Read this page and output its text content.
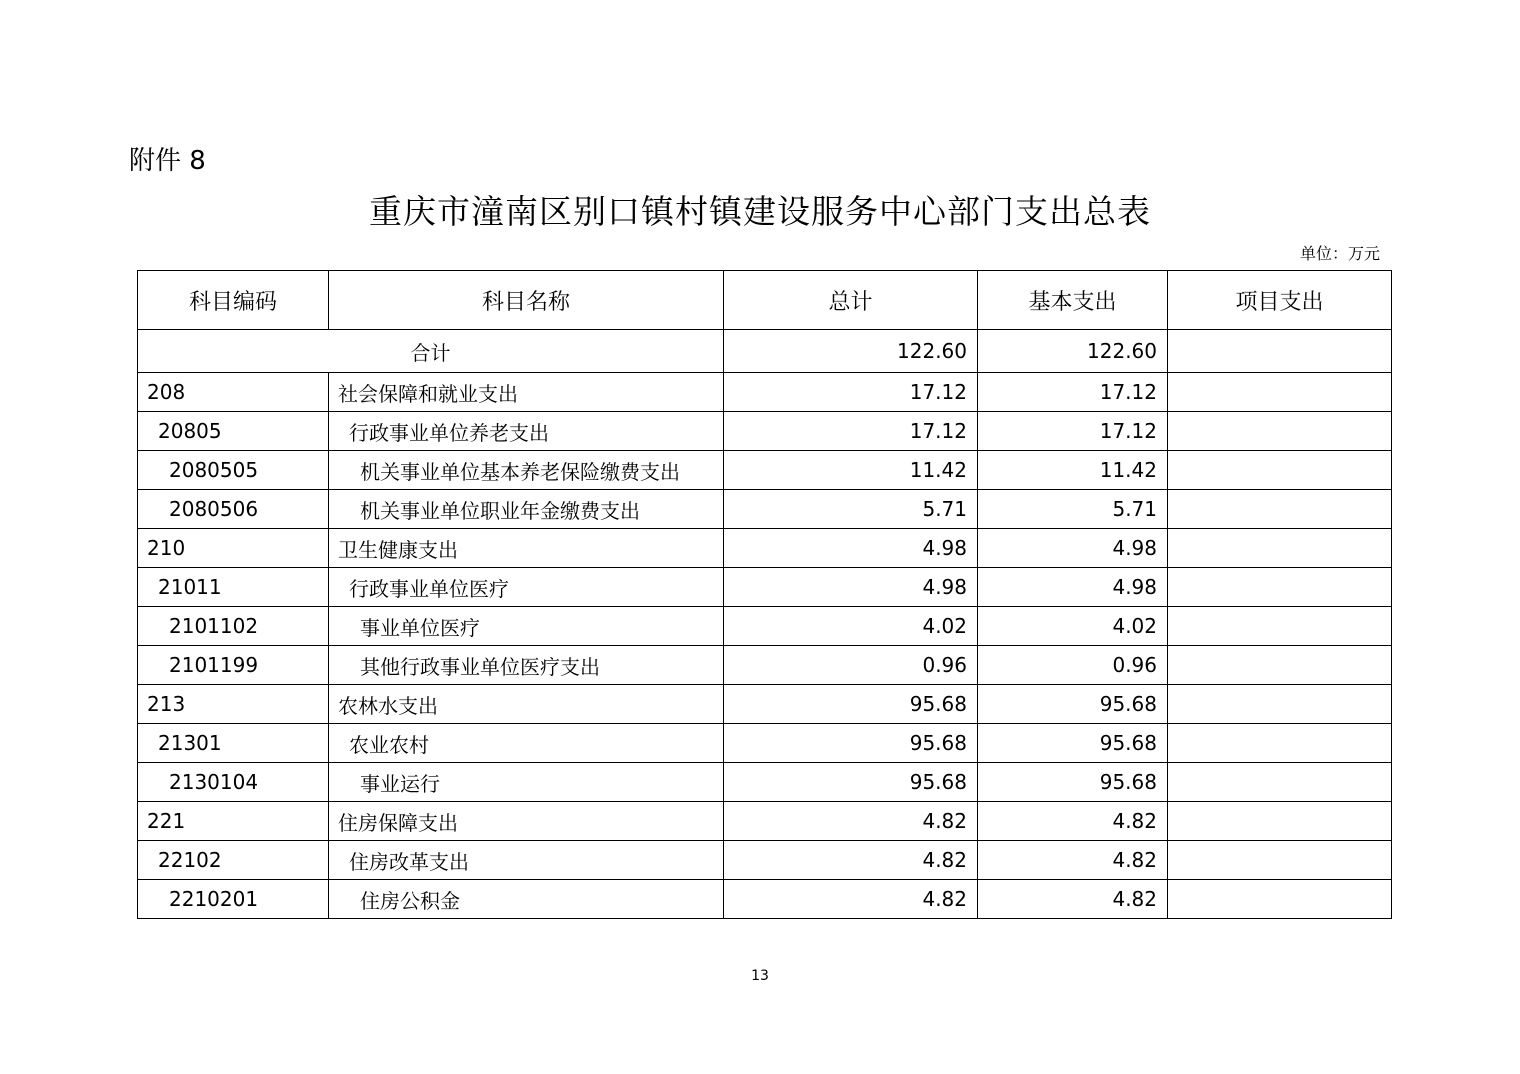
附件 8
重庆市潼南区别口镇村镇建设服务中心部门支出总表
单位：万元
科目编码	科目名称	总计	基本支出	项目支出
合计		122.60	122.60	
208	社会保障和就业支出	17.12	17.12	
20805	行政事业单位养老支出	17.12	17.12	
2080505	机关事业单位基本养老保险缴费支出	11.42	11.42	
2080506	机关事业单位职业年金缴费支出	5.71	5.71	
210	卫生健康支出	4.98	4.98	
21011	行政事业单位医疗	4.98	4.98	
2101102	事业单位医疗	4.02	4.02	
2101199	其他行政事业单位医疗支出	0.96	0.96	
213	农林水支出	95.68	95.68	
21301	农业农村	95.68	95.68	
2130104	事业运行	95.68	95.68	
221	住房保障支出	4.82	4.82	
22102	住房改革支出	4.82	4.82	
2210201	住房公积金	4.82	4.82	
13
